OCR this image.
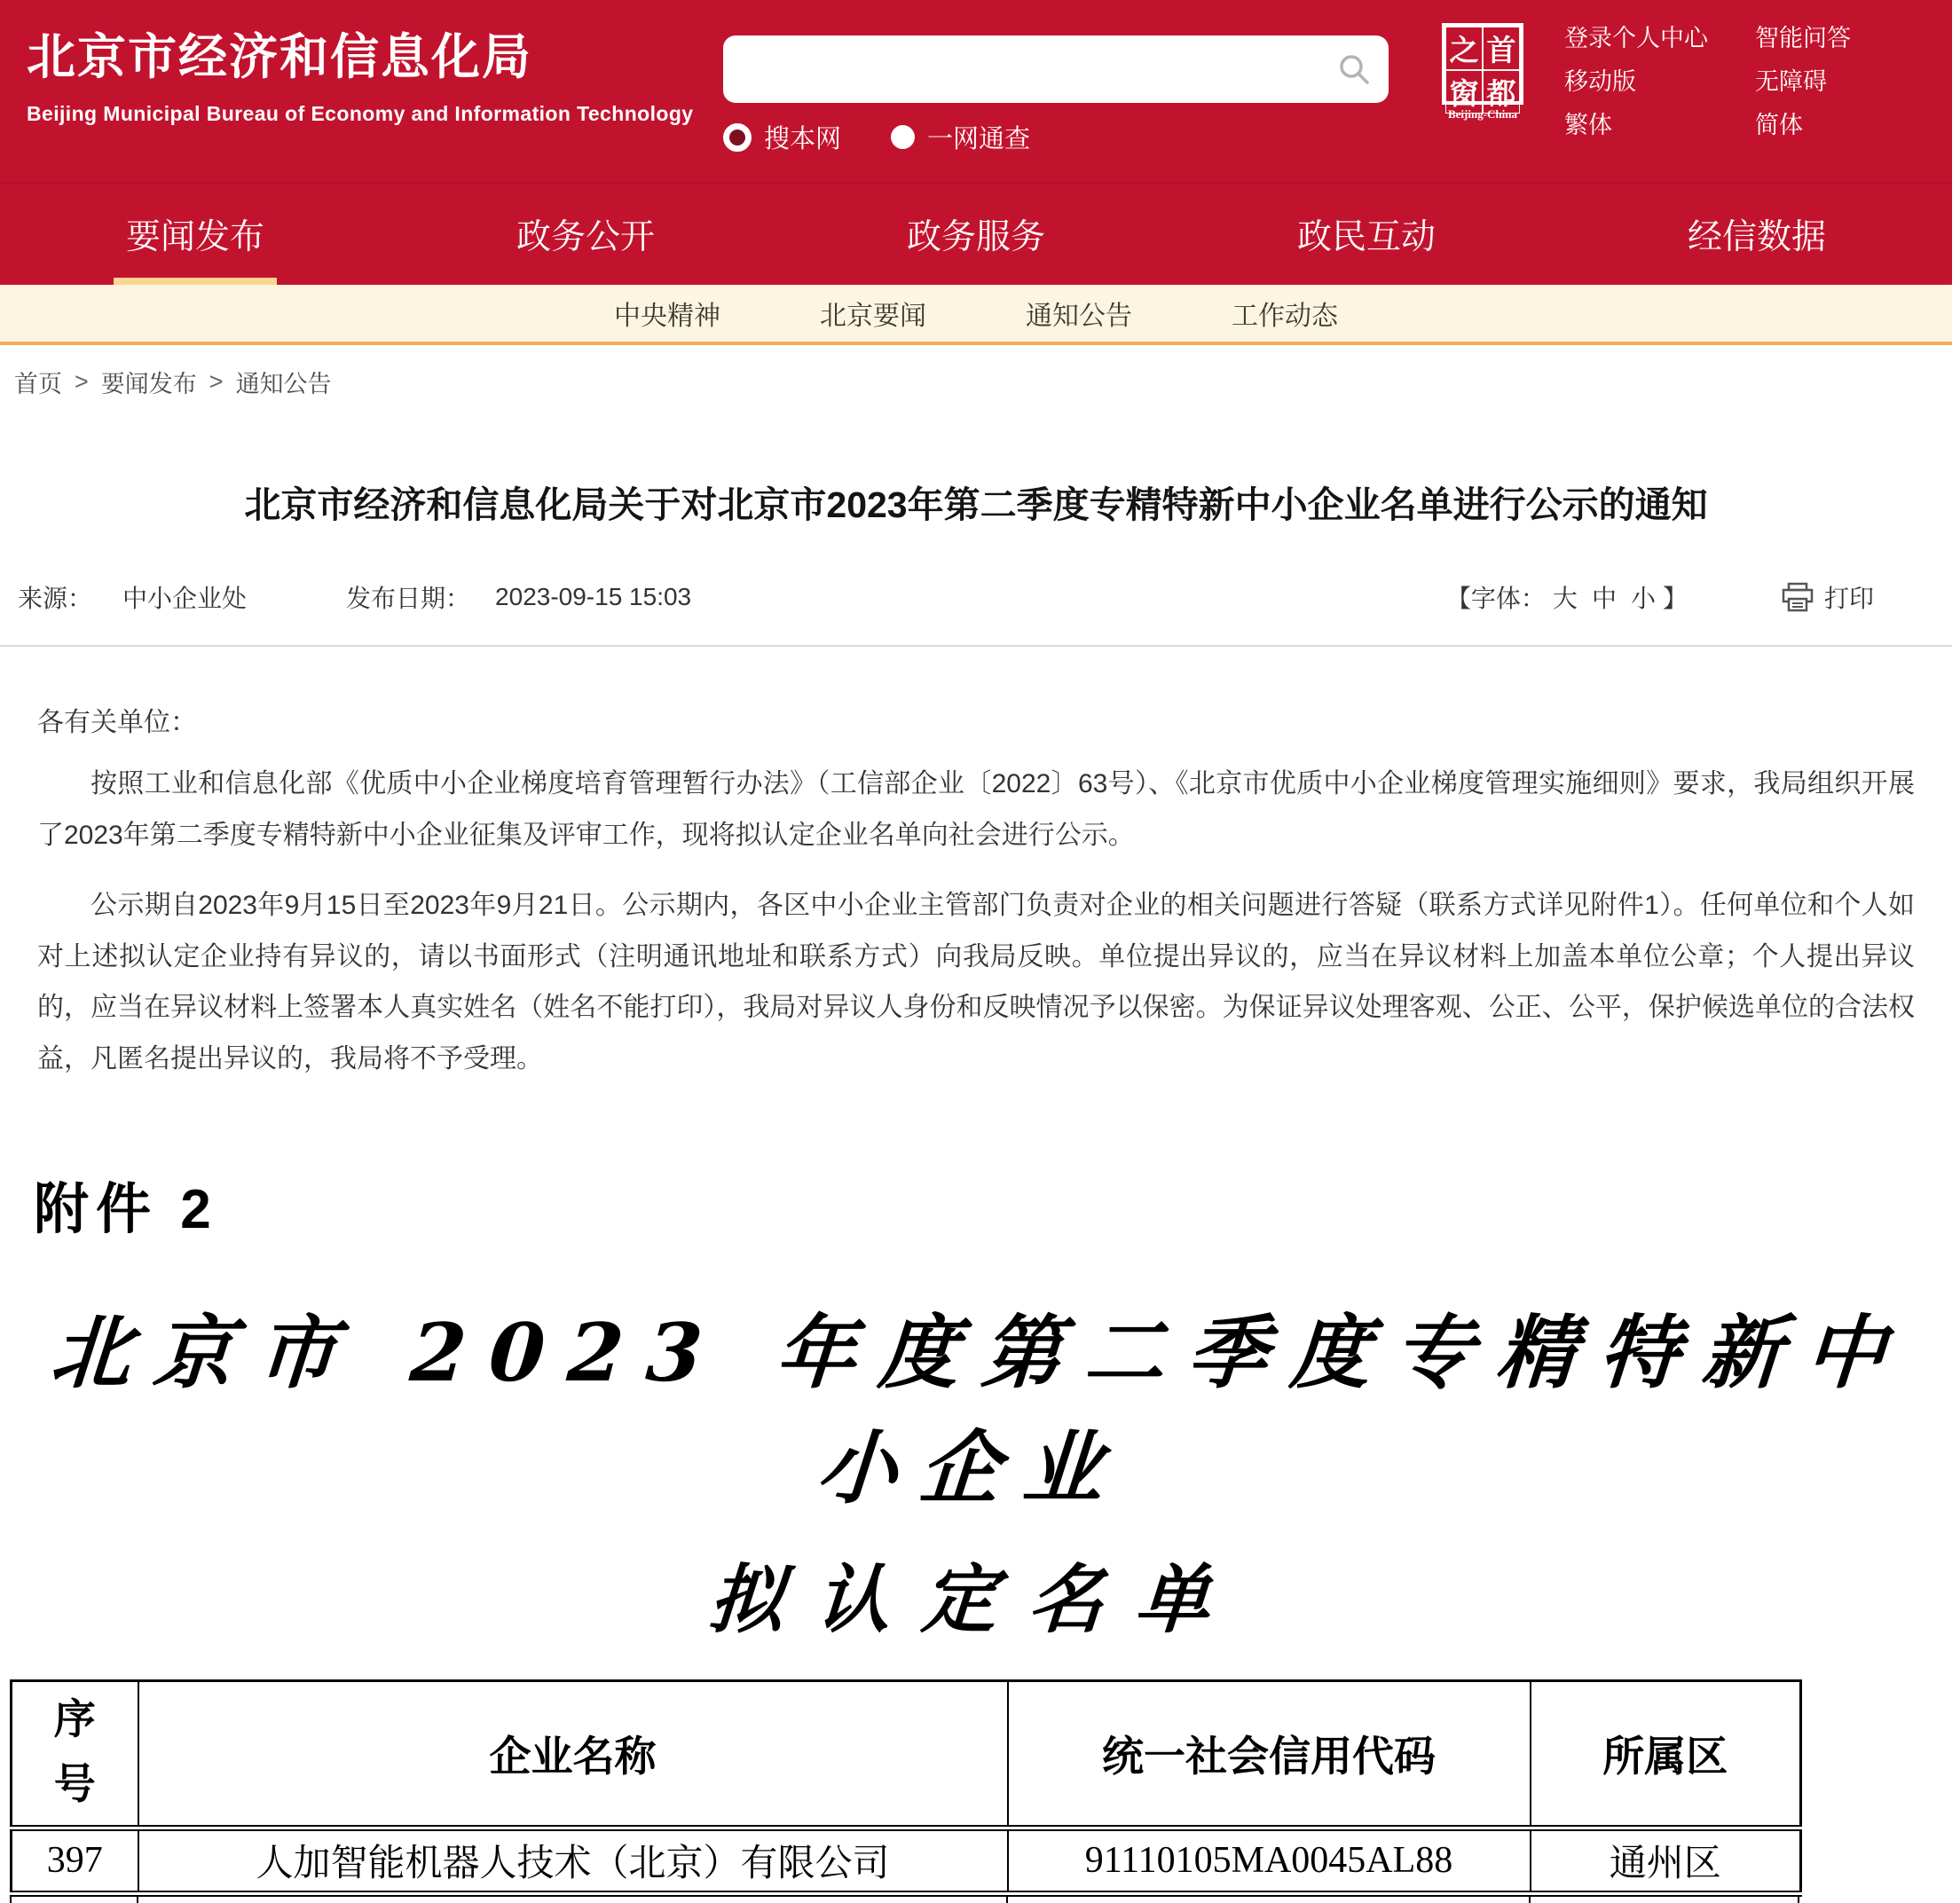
北京市经济和信息化局
Beijing Municipal Bureau of Economy and Information Technology
搜本网	一网通查
之 首
窗 都
Beijing-China
登录个人中心
移动版
繁体
智能问答
无障碍
简体
要闻发布	政务公开	政务服务	政民互动	经信数据
中央精神	北京要闻	通知公告	工作动态
首页 > 要闻发布 > 通知公告
北京市经济和信息化局关于对北京市2023年第二季度专精特新中小企业名单进行公示的通知
来源： 中小企业处	发布日期： 2023-09-15 15:03	【字体： 大 中 小 】	打印

各有关单位：

按照工业和信息化部《优质中小企业梯度培育管理暂行办法》（工信部企业〔2022〕63号）、《北京市优质中小企业梯度管理实施细则》要求，我局组织开展了2023年第二季度专精特新中小企业征集及评审工作，现将拟认定企业名单向社会进行公示。

公示期自2023年9月15日至2023年9月21日。公示期内，各区中小企业主管部门负责对企业的相关问题进行答疑（联系方式详见附件1）。任何单位和个人如对上述拟认定企业持有异议的，请以书面形式（注明通讯地址和联系方式）向我局反映。单位提出异议的，应当在异议材料上加盖本单位公章；个人提出异议的，应当在异议材料上签署本人真实姓名（姓名不能打印），我局对异议人身份和反映情况予以保密。为保证异议处理客观、公正、公平，保护候选单位的合法权益，凡匿名提出异议的，我局将不予受理。

附件 2
北京市 2023 年度第二季度专精特新中小企业
拟认定名单
序号	企业名称	统一社会信用代码	所属区
397	人加智能机器人技术（北京）有限公司	91110105MA0045AL88	通州区
